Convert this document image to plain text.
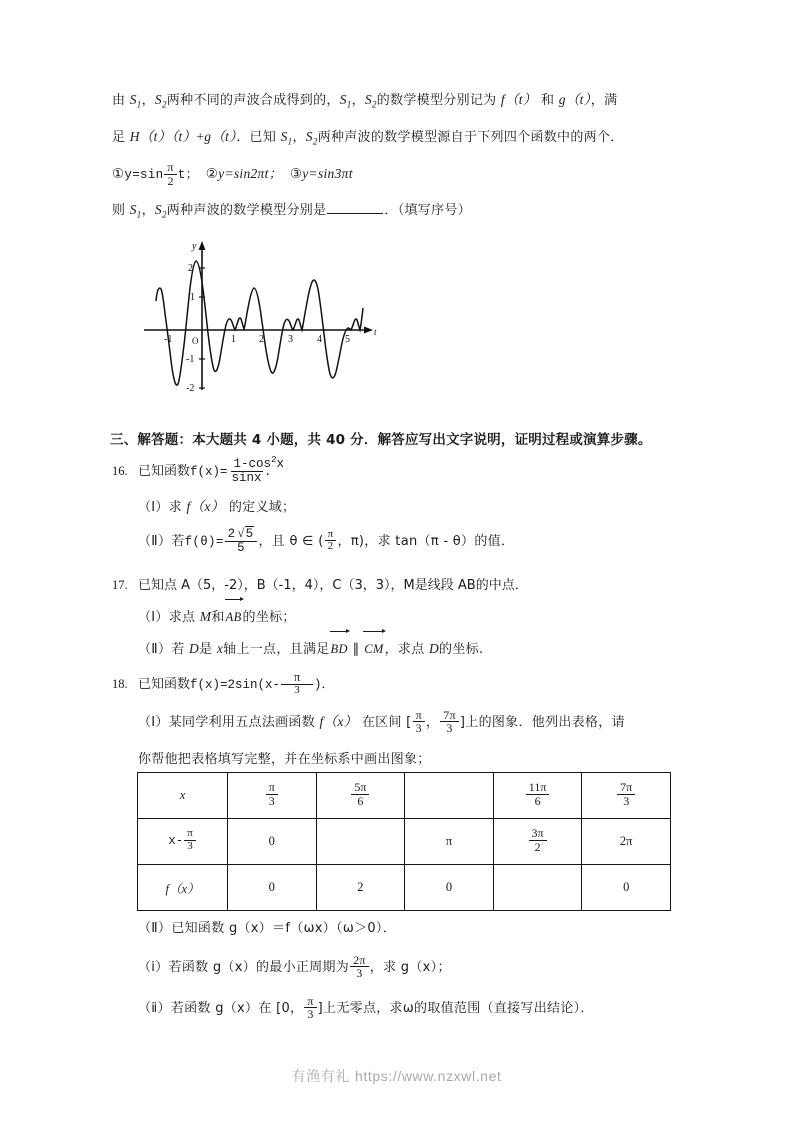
由 $S_1$，$S_2$两种不同的声波合成得到的，$S_1$，$S_2$的数学模型分别记为 f（t） 和 g（t），满
足 H（t）（t）+g（t）．已知 $S_1$，$S_2$两种声波的数学模型源自于下列四个函数中的两个．
①y=sin $\frac{\pi}{2}$ t； ②y=sin2πt； ③y=sin3πt
则 $S_1$，$S_2$两种声波的数学模型分别是	．（填写序号）
y
t
O
2
1
-1
-2
-1	1 2 3 4 5
三、解答题：本大题共 4 小题，共 40 分．解答应写出文字说明，证明过程或演算步骤。
16. 已知函数$f(x)=\frac{1-\cos^2x}{\sin x}$ ．
（Ⅰ）求 f（x） 的定义域；
（Ⅱ）若$f(\theta)= \frac{2 √5}{5}$ ，且 θ ∈ ( $\frac{\pi}{2}$ ，π)，求 tan（π - θ）的值．
17. 已知点 A（5，-2），B（-1，4），C（3，3），M是线段 AB的中点．
（Ⅰ）求点 M和AB的坐标；
（Ⅱ）若 D是 x轴上一点，且满足BD ∥ CM，求点 D的坐标.
18. 已知函数$f(x)=2\sin(x-\frac{\pi}{3}$ )．
（Ⅰ）某同学利用五点法画函数 f（x） 在区间 [ $\frac{\pi}{3}$ ， $\frac{7\pi}{3}$ ]上的图象．他列出表格，请
你帮他把表格填写完整，并在坐标系中画出图象；
x	$\frac{\pi}{3}$	$\frac{5\pi}{6}$		$\frac{11\pi}{6}$	$\frac{7\pi}{3}$

$x- \frac{\pi}{3}$	0		π	$\frac{3\pi}{2}$	2π
f（x）	0	2	0		0
（Ⅱ）已知函数 g（x）＝f（ωx）（ω＞0）．
（ⅰ）若函数 g（x）的最小正周期为 $\frac{2\pi}{3}$ ，求 g（x）；
（ⅱ）若函数 g（x）在 [0， $\frac{\pi}{3}$ ]上无零点，求ω的取值范围（直接写出结论）．
有渔有礼 https://www.nzxwl.net
